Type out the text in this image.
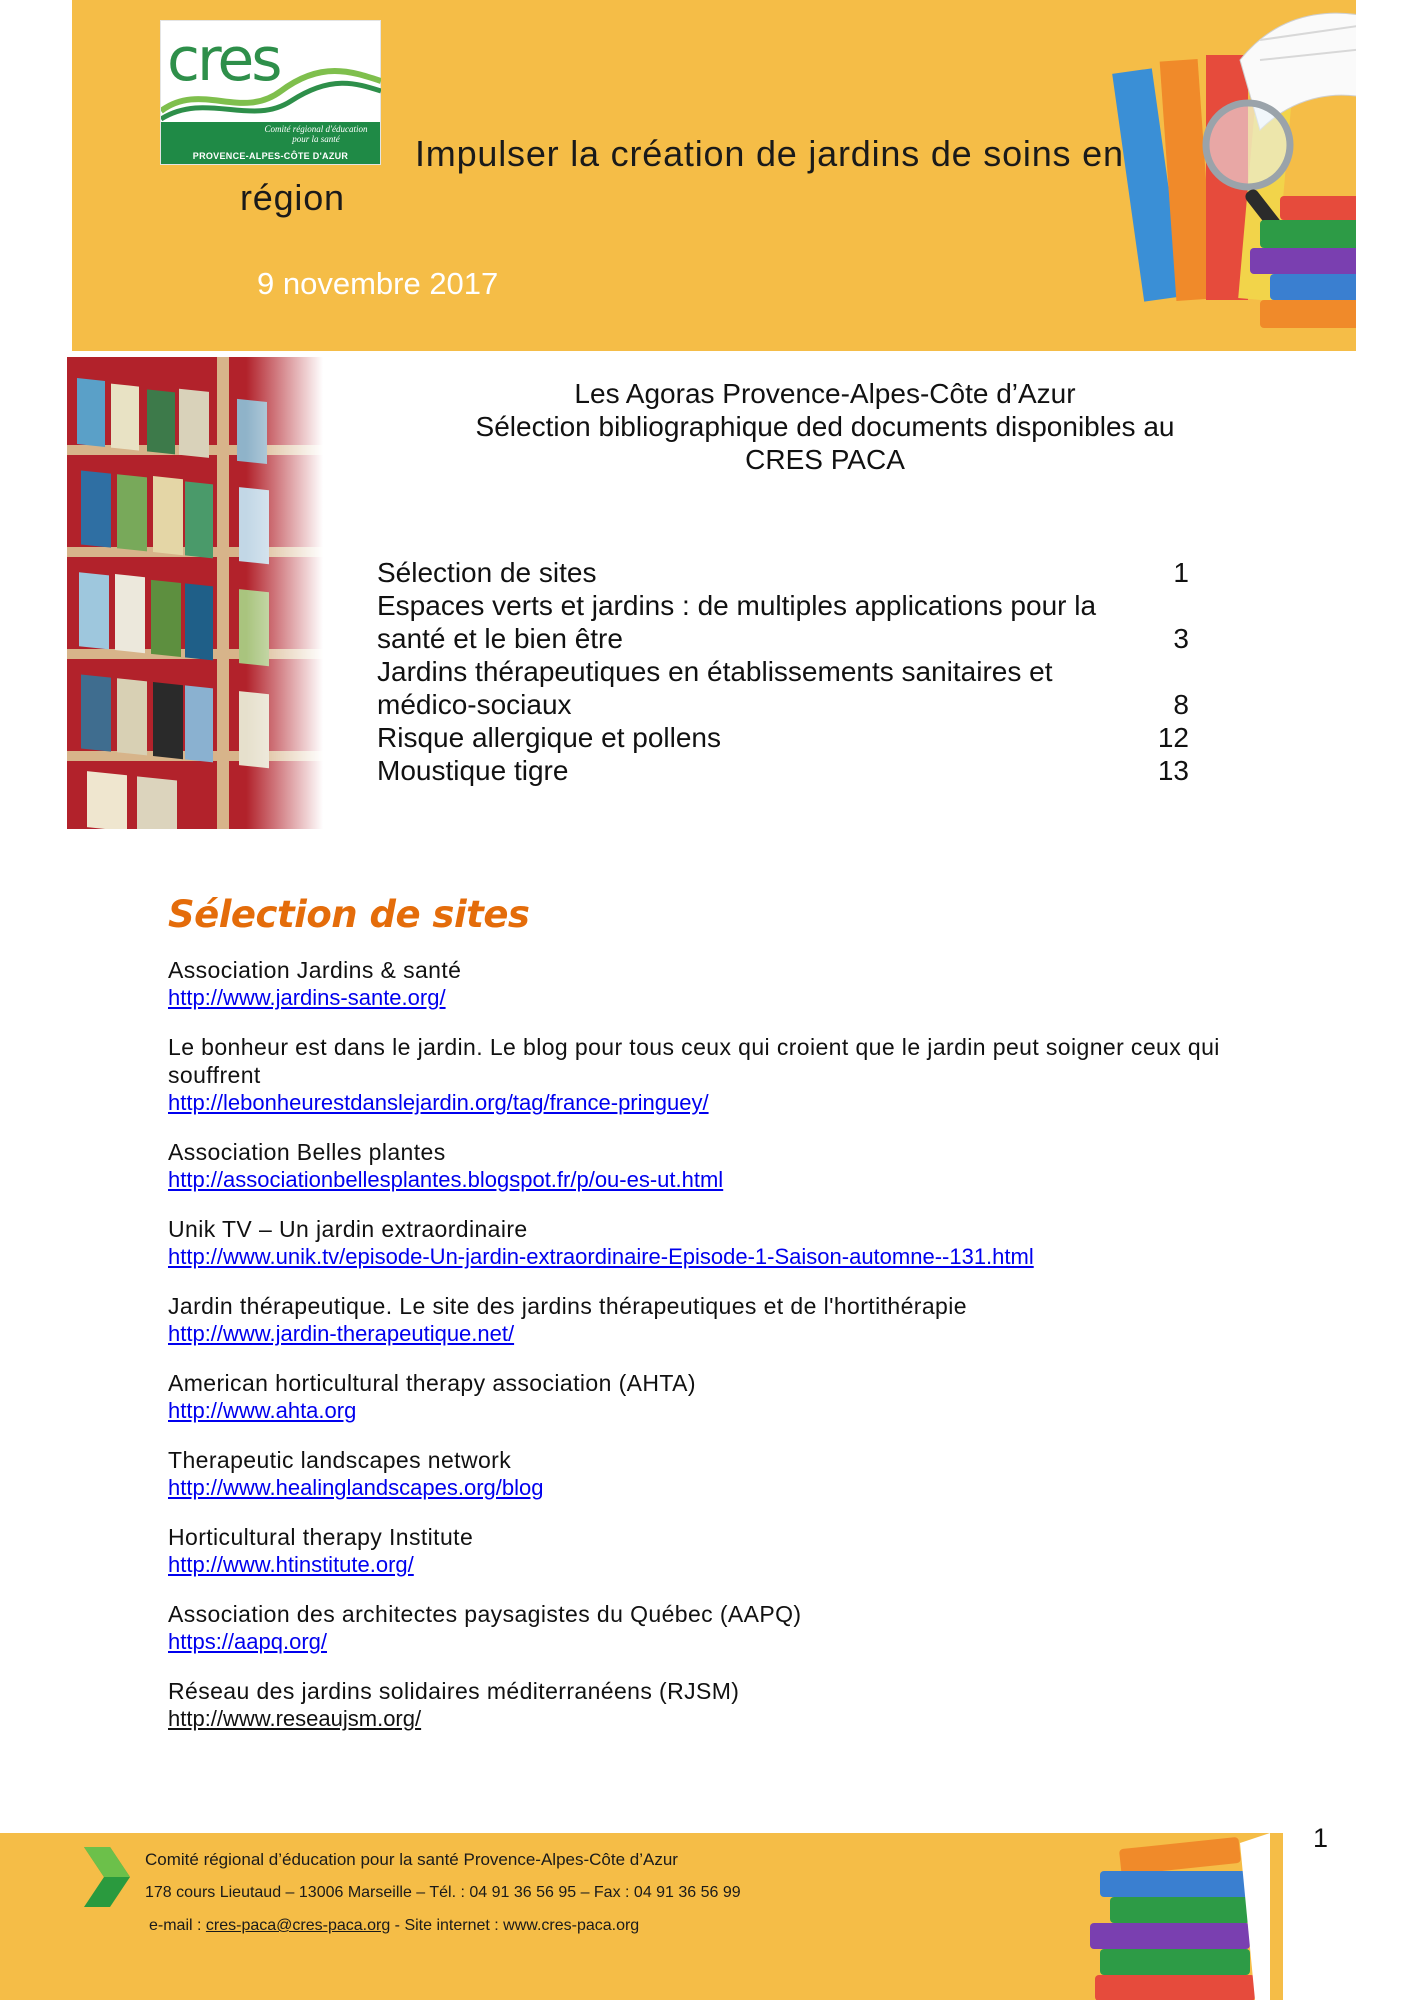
cres
Comité régional d'éducation pour la santé
PROVENCE-ALPES-CÔTE D'AZUR	Impulser la création de jardins de soins en région
9 novembre 2017
Les Agoras Provence-Alpes-Côte d’Azur
Sélection bibliographique ded documents disponibles au
CRES PACA
Sélection de sites	1
Espaces verts et jardins : de multiples applications pour la santé et le bien être	3
Jardins thérapeutiques en établissements sanitaires et médico-sociaux	8
Risque allergique et pollens	12
Moustique tigre	13
Sélection de sites
Association Jardins & santé
http://www.jardins-sante.org/
Le bonheur est dans le jardin. Le blog pour tous ceux qui croient que le jardin peut soigner ceux qui souffrent
http://lebonheurestdanslejardin.org/tag/france-pringuey/
Association Belles plantes
http://associationbellesplantes.blogspot.fr/p/ou-es-ut.html
Unik TV – Un jardin extraordinaire
http://www.unik.tv/episode-Un-jardin-extraordinaire-Episode-1-Saison-automne--131.html
Jardin thérapeutique. Le site des jardins thérapeutiques et de l'hortithérapie
http://www.jardin-therapeutique.net/
American horticultural therapy association (AHTA)
http://www.ahta.org
Therapeutic landscapes network
http://www.healinglandscapes.org/blog
Horticultural therapy Institute
http://www.htinstitute.org/
Association des architectes paysagistes du Québec (AAPQ)
https://aapq.org/
Réseau des jardins solidaires méditerranéens (RJSM)
http://www.reseaujsm.org/
Comité régional d’éducation pour la santé Provence-Alpes-Côte d’Azur
178 cours Lieutaud – 13006 Marseille – Tél. : 04 91 36 56 95 – Fax : 04 91 36 56 99
e-mail : cres-paca@cres-paca.org - Site internet : www.cres-paca.org
1
